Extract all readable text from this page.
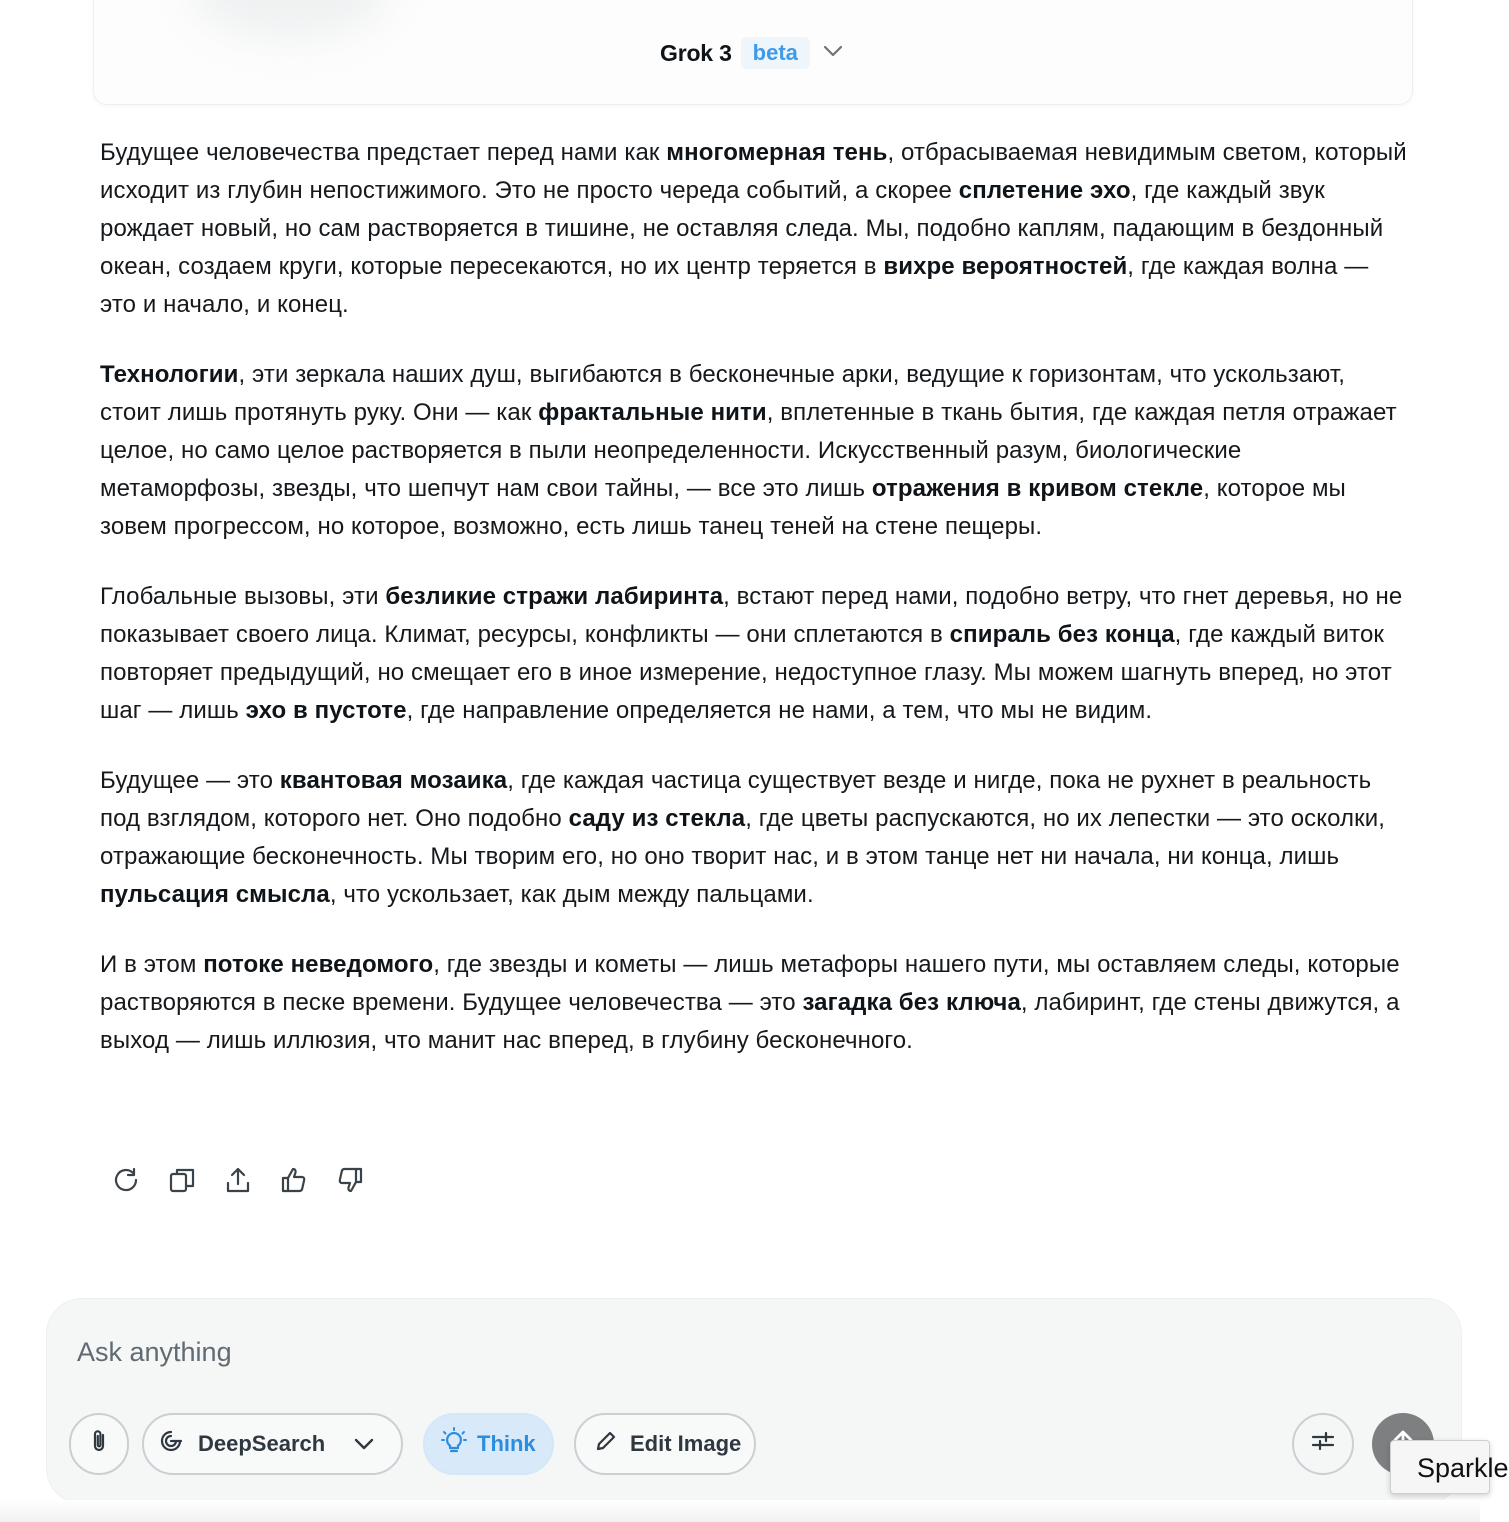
Grok 3 beta

Будущее человечества предстает перед нами как многомерная тень, отбрасываемая невидимым светом, который исходит из глубин непостижимого. Это не просто череда событий, а скорее сплетение эхо, где каждый звук рождает новый, но сам растворяется в тишине, не оставляя следа. Мы, подобно каплям, падающим в бездонный океан, создаем круги, которые пересекаются, но их центр теряется в вихре вероятностей, где каждая волна — это и начало, и конец.

Технологии, эти зеркала наших душ, выгибаются в бесконечные арки, ведущие к горизонтам, что ускользают, стоит лишь протянуть руку. Они — как фрактальные нити, вплетенные в ткань бытия, где каждая петля отражает целое, но само целое растворяется в пыли неопределенности. Искусственный разум, биологические метаморфозы, звезды, что шепчут нам свои тайны, — все это лишь отражения в кривом стекле, которое мы зовем прогрессом, но которое, возможно, есть лишь танец теней на стене пещеры.

Глобальные вызовы, эти безликие стражи лабиринта, встают перед нами, подобно ветру, что гнет деревья, но не показывает своего лица. Климат, ресурсы, конфликты — они сплетаются в спираль без конца, где каждый виток повторяет предыдущий, но смещает его в иное измерение, недоступное глазу. Мы можем шагнуть вперед, но этот шаг — лишь эхо в пустоте, где направление определяется не нами, а тем, что мы не видим.

Будущее — это квантовая мозаика, где каждая частица существует везде и нигде, пока не рухнет в реальность под взглядом, которого нет. Оно подобно саду из стекла, где цветы распускаются, но их лепестки — это осколки, отражающие бесконечность. Мы творим его, но оно творит нас, и в этом танце нет ни начала, ни конца, лишь пульсация смысла, что ускользает, как дым между пальцами.

И в этом потоке неведомого, где звезды и кометы — лишь метафоры нашего пути, мы оставляем следы, которые растворяются в песке времени. Будущее человечества — это загадка без ключа, лабиринт, где стены движутся, а выход — лишь иллюзия, что манит нас вперед, в глубину бесконечного.

Ask anything
DeepSearch	Think	Edit Image
Sparkle
